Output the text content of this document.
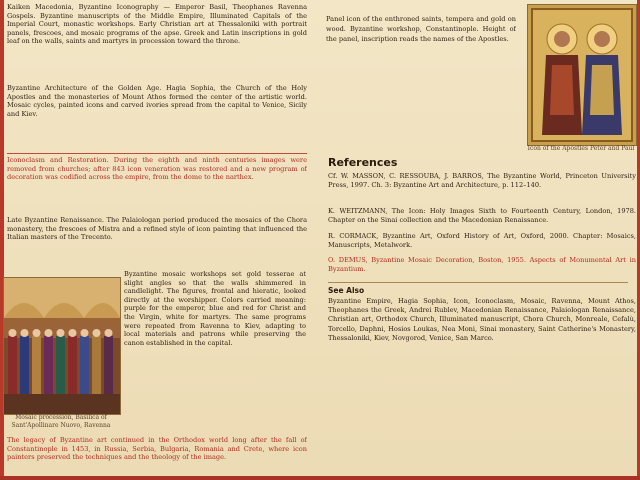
Kaiken Macedonia, Byzantine Iconography — Emperor Basil, Theophanes Ravenna Gospels. Byzantine manuscripts of the Middle Empire, Illuminated Capitals of the Imperial Court, monastic workshops. Early Christian art at Thessaloniki with portrait panels, frescoes, and mosaic programs of the apse. Greek and Latin inscriptions in gold leaf on the walls, saints and martyrs in procession toward the throne.
Byzantine Architecture of the Golden Age. Hagia Sophia, the Church of the Holy Apostles and the monasteries of Mount Athos formed the center of the artistic world. Mosaic cycles, painted icons and carved ivories spread from the capital to Venice, Sicily and Kiev.
Iconoclasm and Restoration. During the eighth and ninth centuries images were removed from churches; after 843 icon veneration was restored and a new program of decoration was codified across the empire, from the dome to the narthex.
Late Byzantine Renaissance. The Palaiologan period produced the mosaics of the Chora monastery, the frescoes of Mistra and a refined style of icon painting that influenced the Italian masters of the Trecento.
Mosaic procession, Basilica of Sant'Apollinare Nuovo, Ravenna
Byzantine mosaic workshops set gold tesserae at slight angles so that the walls shimmered in candlelight. The figures, frontal and hieratic, looked directly at the worshipper. Colors carried meaning: purple for the emperor, blue and red for Christ and the Virgin, white for martyrs. The same programs were repeated from Ravenna to Kiev, adapting to local materials and patrons while preserving the canon established in the capital.
The legacy of Byzantine art continued in the Orthodox world long after the fall of Constantinople in 1453, in Russia, Serbia, Bulgaria, Romania and Crete, where icon painters preserved the techniques and the theology of the image.
Panel icon of the enthroned saints, tempera and gold on wood. Byzantine workshop, Constantinople. Height of the panel, inscription reads the names of the Apostles.
Icon of the Apostles Peter and Paul
References
Cf. W. MASSON, C. RESSOUBA, J. BARROS, The Byzantine World, Princeton University Press, 1997. Ch. 3: Byzantine Art and Architecture, p. 112–140.
K. WEITZMANN, The Icon: Holy Images Sixth to Fourteenth Century, London, 1978. Chapter on the Sinai collection and the Macedonian Renaissance.
R. CORMACK, Byzantine Art, Oxford History of Art, Oxford, 2000. Chapter: Mosaics, Manuscripts, Metalwork.
O. DEMUS, Byzantine Mosaic Decoration, Boston, 1955. Aspects of Monumental Art in Byzantium.
See Also
Byzantine Empire, Hagia Sophia, Icon, Iconoclasm, Mosaic, Ravenna, Mount Athos, Theophanes the Greek, Andrei Rublev, Macedonian Renaissance, Palaiologan Renaissance, Christian art, Orthodox Church, Illuminated manuscript, Chora Church, Monreale, Cefalù, Torcello, Daphni, Hosios Loukas, Nea Moni, Sinai monastery, Saint Catherine's Monastery, Thessaloniki, Kiev, Novgorod, Venice, San Marco.
